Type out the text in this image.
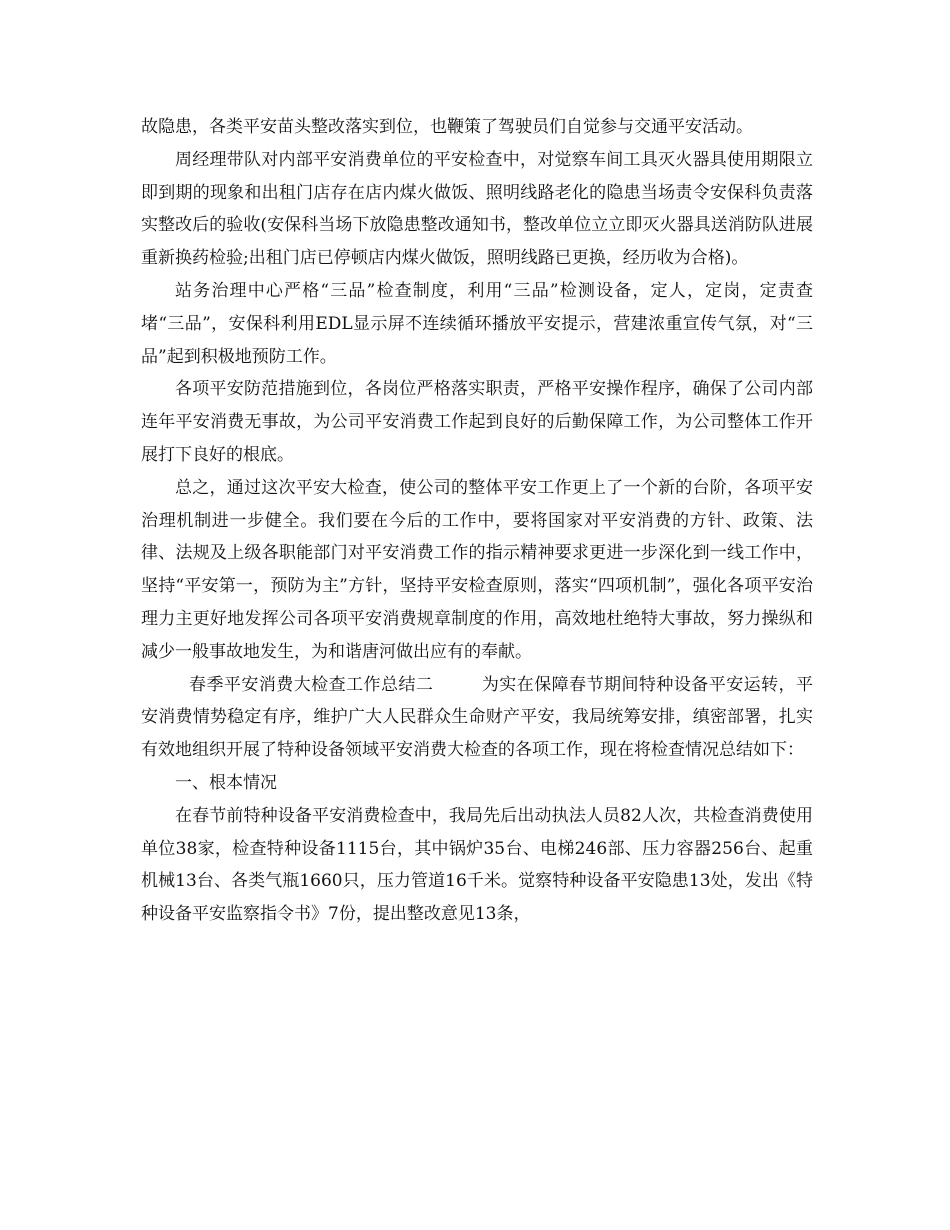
故隐患，各类平安苗头整改落实到位，也鞭策了驾驶员们自觉参与交通平安活动。

周经理带队对内部平安消费单位的平安检查中，对觉察车间工具灭火器具使用期限立即到期的现象和出租门店存在店内煤火做饭、照明线路老化的隐患当场责令安保科负责落实整改后的验收(安保科当场下放隐患整改通知书，整改单位立立即灭火器具送消防队进展重新换药检验;出租门店已停顿店内煤火做饭，照明线路已更换，经历收为合格)。

站务治理中心严格“三品”检查制度，利用“三品”检测设备，定人，定岗，定责查堵“三品”，安保科利用EDL显示屏不连续循环播放平安提示，营建浓重宣传气氛，对“三品”起到积极地预防工作。

各项平安防范措施到位，各岗位严格落实职责，严格平安操作程序，确保了公司内部连年平安消费无事故，为公司平安消费工作起到良好的后勤保障工作，为公司整体工作开展打下良好的根底。

总之，通过这次平安大检查，使公司的整体平安工作更上了一个新的台阶，各项平安治理机制进一步健全。我们要在今后的工作中，要将国家对平安消费的方针、政策、法律、法规及上级各职能部门对平安消费工作的指示精神要求更进一步深化到一线工作中，坚持“平安第一，预防为主”方针，坚持平安检查原则，落实“四项机制”，强化各项平安治理力主更好地发挥公司各项平安消费规章制度的作用，高效地杜绝特大事故，努力操纵和减少一般事故地发生，为和谐唐河做出应有的奉献。

春季平安消费大检查工作总结二	为实在保障春节期间特种设备平安运转，平安消费情势稳定有序，维护广大人民群众生命财产平安，我局统筹安排，缜密部署，扎实有效地组织开展了特种设备领域平安消费大检查的各项工作，现在将检查情况总结如下：

一、根本情况

在春节前特种设备平安消费检查中，我局先后出动执法人员82人次，共检查消费使用单位38家，检查特种设备1115台，其中锅炉35台、电梯246部、压力容器256台、起重机械13台、各类气瓶1660只，压力管道16千米。觉察特种设备平安隐患13处，发出《特种设备平安监察指令书》7份，提出整改意见13条，
